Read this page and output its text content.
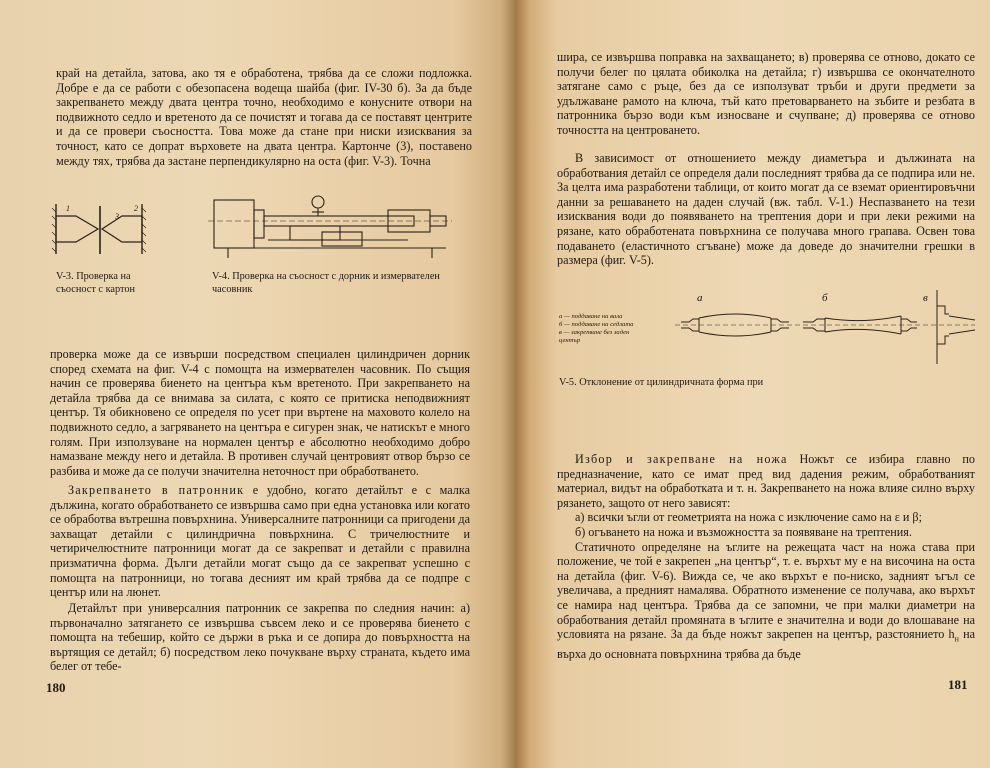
край на детайла, затова, ако тя е обработена, трябва да се сложи подложка. Добре е да се работи с обезопасена водеща шайба (фиг. IV-30 б). За да бъде закрепването между двата центра точно, необходимо е конусните отвори на подвижното седло и вретеното да се почистят и тогава да се поставят центрите и да се провери съосността. Това може да стане при ниски изисквания за точност, като се допрат върховете на двата центра. Картонче (3), поставено между тях, трябва да застане перпендикулярно на оста (фиг. V-3). Точна

1	2
3
V-3. Проверка на съосност с картон
V-4. Проверка на съосност с дорник и измервателен часовник

проверка може да се извърши посредством специален цилиндричен дорник според схемата на фиг. V-4 с помощта на измервателен часовник. По същия начин се проверява биенето на центъра към вретеното. При закрепването на детайла трябва да се внимава за силата, с която се притиска неподвижният център. Тя обикновено се определя по усет при въртене на маховото колело на подвижното седло, а загряването на центъра е сигурен знак, че натискът е много голям. При използуване на нормален център е абсолютно необходимо добро намазване между него и детайла. В противен случай центровият отвор бързо се разбива и може да се получи значителна неточност при обработването.

Закрепването в патронник е удобно, когато детайлът е с малка дължина, когато обработването се извършва само при една установка или когато се обработва вътрешна повърхнина. Универсалните патронници са пригодени да захващат детайли с цилиндрична повърхнина. С тричелюстните и четиричелюстните патронници могат да се закрепват и детайли с правилна призматична форма. Дълги детайли могат също да се закрепват успешно с помощта на патронници, но тогава десният им край трябва да се подпре с център или на люнет.

Детайлът при универсалния патронник се закрепва по следния начин: а) първоначално затягането се извършва съвсем леко и се проверява биенето с помощта на тебешир, който се държи в ръка и се допира до повърхността на въртящия се детайл; б) посредством леко почукване върху страната, където има белег от тебе-

180

шира, се извършва поправка на захващането; в) проверява се отново, докато се получи белег по цялата обиколка на детайла; г) извършва се окончателното затягане само с ръце, без да се използуват тръби и други предмети за удължаване рамото на ключа, тъй като претоварването на зъбите и резбата в патронника бързо води към износване и счупване; д) проверява се отново точността на центроването.

В зависимост от отношението между диаметъра и дължината на обработвания детайл се определя дали последният трябва да се подпира или не. За целта има разработени таблици, от които могат да се вземат ориентировъчни данни за решаването на даден случай (вж. табл. V-1.) Неспазването на тези изисквания води до появяването на трептения дори и при леки режими на рязане, като обработената повърхнина се получава много грапава. Освен това подаването (еластичното сгъване) може да доведе до значителни грешки в размера (фиг. V-5).

а — поддаване на вала
б — поддаване на седлата
в — закрепване без заден център
а	б	в
V-5. Отклонение от цилиндричната форма при

Избор и закрепване на ножа Ножът се избира главно по предназначение, като се имат пред вид дадения режим, обработваният материал, видът на обработката и т. н. Закрепването на ножа влияе силно върху рязането, защото от него зависят:

а) всички ъгли от геометрията на ножа с изключение само на ε и β;

б) огъването на ножа и възможността за появяване на трептения.

Статичното определяне на ъглите на режещата част на ножа става при положение, че той е закрепен „на център“, т. е. върхът му е на височина на оста на детайла (фиг. V-6). Вижда се, че ако върхът е по-ниско, задният ъгъл се увеличава, а предният намалява. Обратното изменение се получава, ако върхът се намира над центъра. Трябва да се запомни, че при малки диаметри на обработвания детайл промяната в ъглите е значителна и води до влошаване на условията на рязане. За да бъде ножът закрепен на център, разстоянието $h_н$ на върха до основната повърхнина трябва да бъде

181
